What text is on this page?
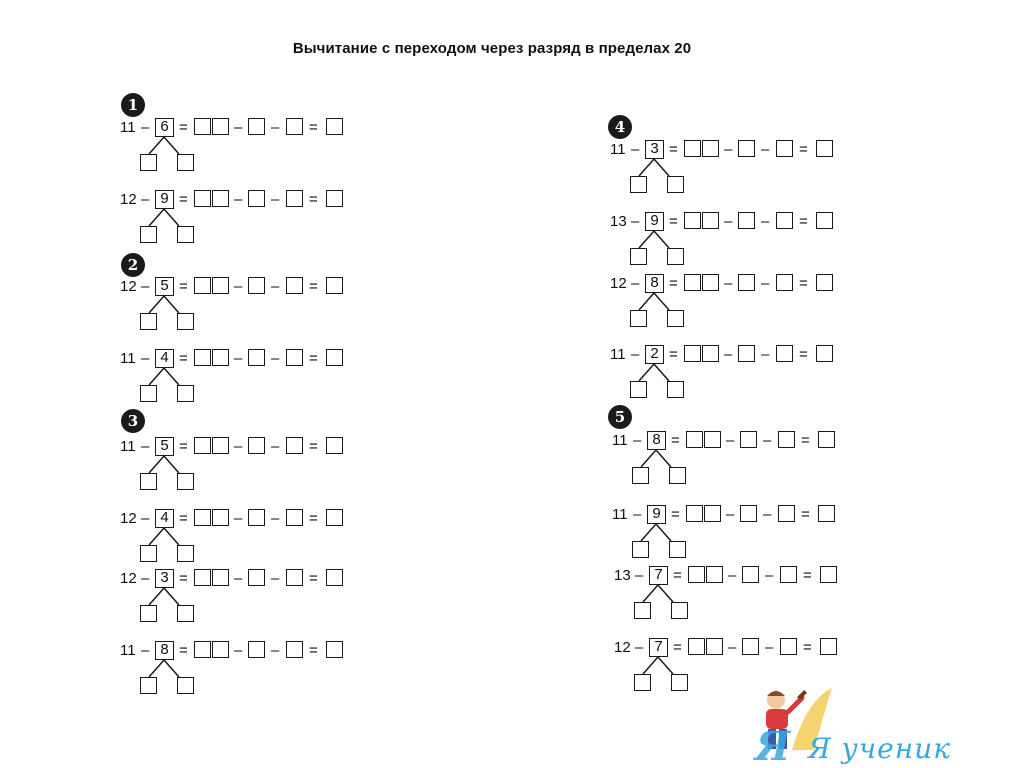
Вычитание с переходом через разряд в пределах 20
1
2
3
4
5
11 – 6 =	– – =
12 – 9 =	– – =
12 – 5 =	– – =
11 – 4 =	– – =
11 – 5 =	– – =
12 – 4 =	– – =
12 – 3 =	– – =
11 – 8 =	– – =
11 – 3 =	– – =
13 – 9 =	– – =
12 – 8 =	– – =
11 – 2 =	– – =
11 – 8 =	– – =
11 – 9 =	– – =
13 – 7 =	– – =
12 – 7 =	– – =
Я Я ученик
